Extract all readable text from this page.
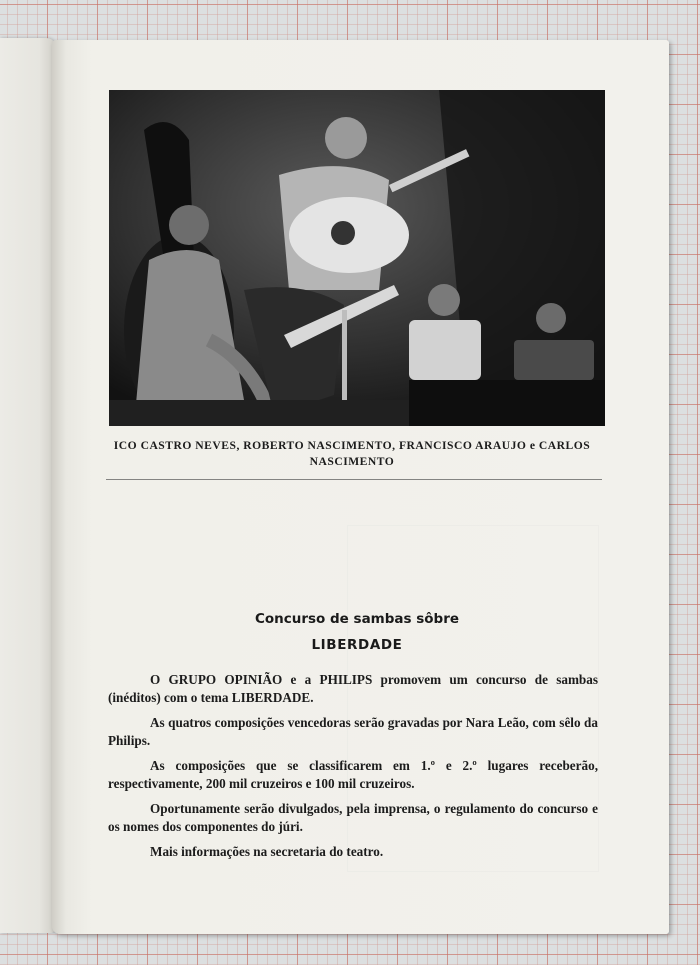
ICO CASTRO NEVES, ROBERTO NASCIMENTO, FRANCISCO ARAUJO e CARLOS
NASCIMENTO
Concurso de sambas sôbre
LIBERDADE

O GRUPO OPINIÃO e a PHILIPS promovem um concurso de sambas (inéditos) com o tema LIBERDADE.

As quatros composições vencedoras serão gravadas por Nara Leão, com sêlo da Philips.

As composições que se classificarem em 1.º e 2.º lugares receberão, respectivamente, 200 mil cruzeiros e 100 mil cruzeiros.

Oportunamente serão divulgados, pela imprensa, o regulamento do concurso e os nomes dos componentes do júri.

Mais informações na secretaria do teatro.
